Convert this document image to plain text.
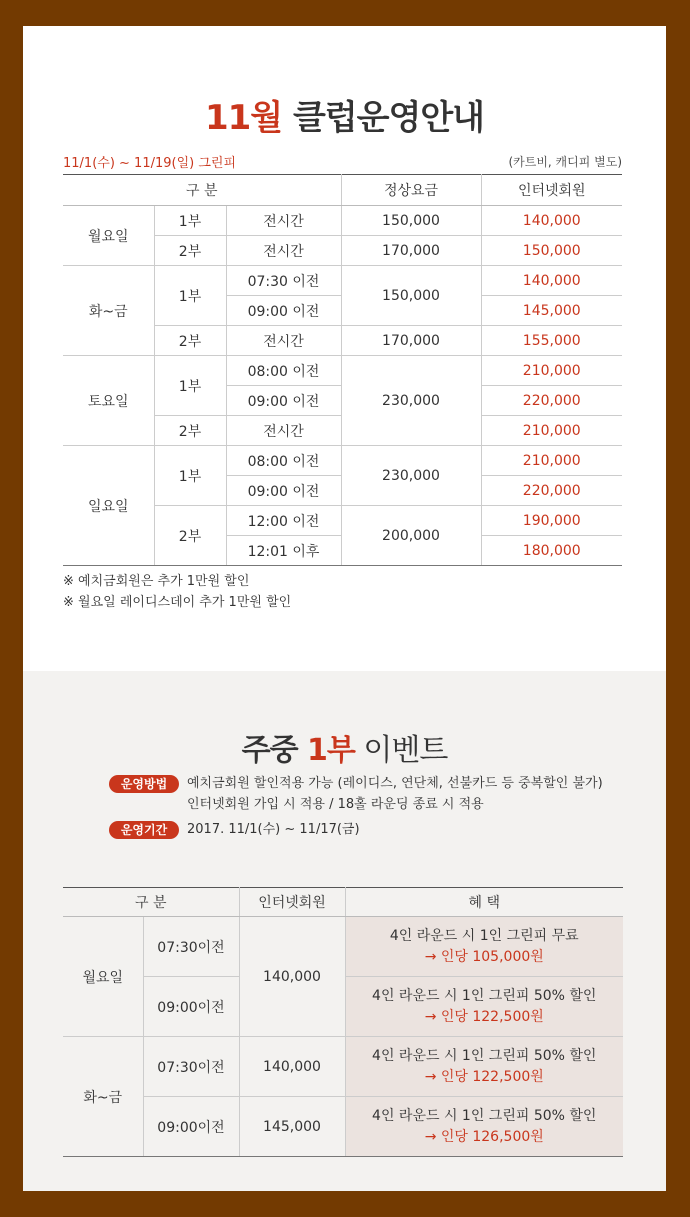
11월 클럽운영안내
11/1(수) ~ 11/19(일) 그린피	(카트비, 캐디피 별도)
구 분			정상요금	인터넷회원
월요일	1부	전시간	150,000	140,000
	2부	전시간	170,000	150,000
화~금	1부	07:30 이전	150,000	140,000
		09:00 이전		145,000
	2부	전시간	170,000	155,000
토요일	1부	08:00 이전	230,000	210,000
		09:00 이전		220,000
	2부	전시간		210,000
일요일	1부	08:00 이전	230,000	210,000
		09:00 이전		220,000
	2부	12:00 이전	200,000	190,000
		12:01 이후		180,000
※ 예치금회원은 추가 1만원 할인
※ 월요일 레이디스데이 추가 1만원 할인
주중 1부 이벤트
운영방법	예치금회원 할인적용 가능 (레이디스, 연단체, 선불카드 등 중복할인 불가)
인터넷회원 가입 시 적용 / 18홀 라운딩 종료 시 적용
운영기간	2017. 11/1(수) ~ 11/17(금)
구 분		인터넷회원	혜 택
월요일	07:30이전	140,000	4인 라운드 시 1인 그린피 무료
→ 인당 105,000원

	09:00이전		4인 라운드 시 1인 그린피 50% 할인
→ 인당 122,500원

화~금	07:30이전	140,000	4인 라운드 시 1인 그린피 50% 할인
→ 인당 122,500원

	09:00이전	145,000	4인 라운드 시 1인 그린피 50% 할인
→ 인당 126,500원
